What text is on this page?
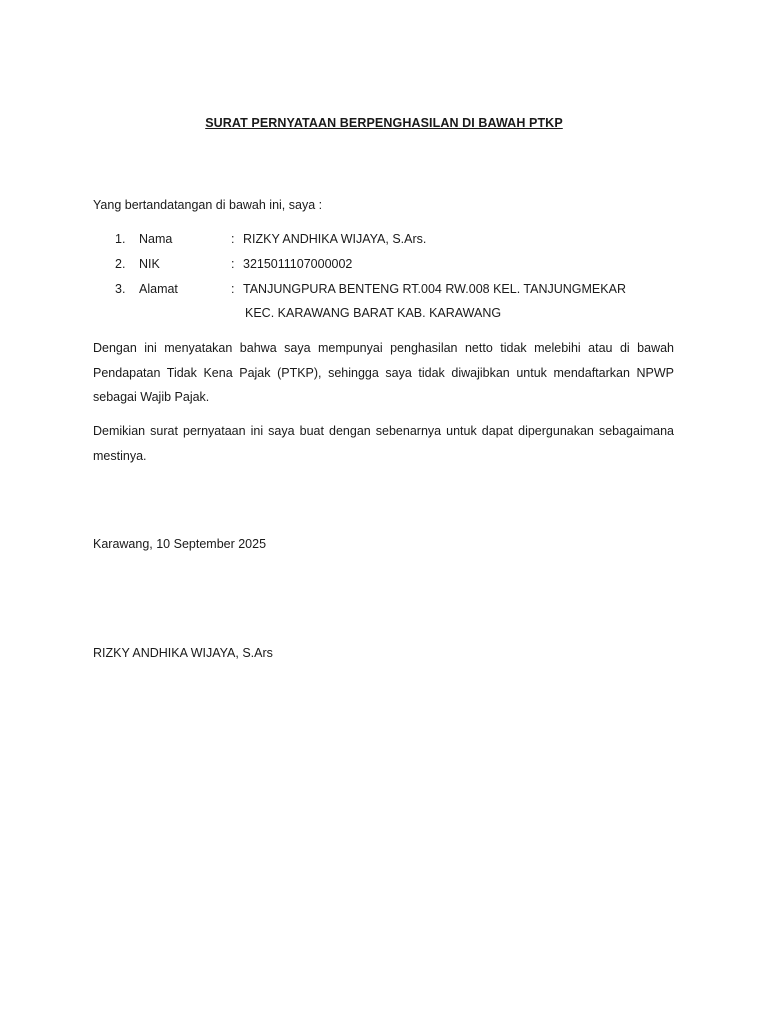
SURAT PERNYATAAN BERPENGHASILAN DI BAWAH PTKP
Yang bertandatangan di bawah ini, saya :
1. Nama	: RIZKY ANDHIKA WIJAYA, S.Ars.
2. NIK	: 3215011107000002
3. Alamat	: TANJUNGPURA BENTENG RT.004 RW.008 KEL. TANJUNGMEKAR
KEC. KARAWANG BARAT KAB. KARAWANG

Dengan ini menyatakan bahwa saya mempunyai penghasilan netto tidak melebihi atau di bawah Pendapatan Tidak Kena Pajak (PTKP), sehingga saya tidak diwajibkan untuk mendaftarkan NPWP sebagai Wajib Pajak.

Demikian surat pernyataan ini saya buat dengan sebenarnya untuk dapat dipergunakan sebagaimana mestinya.

Karawang, 10 September 2025
RIZKY ANDHIKA WIJAYA, S.Ars
